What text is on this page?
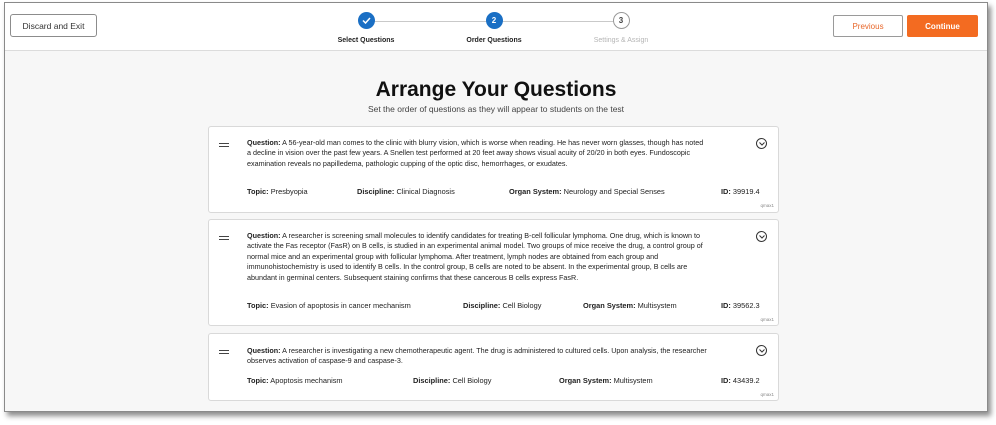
Discard and Exit
Select Questions
2
Order Questions
3
Settings & Assign
Previous	Continue
Arrange Your Questions
Set the order of questions as they will appear to students on the test
Question: A 56-year-old man comes to the clinic with blurry vision, which is worse when reading. He has never worn glasses, though has noted a decline in vision over the past few years. A Snellen test performed at 20 feet away shows visual acuity of 20/20 in both eyes. Fundoscopic examination reveals no papilledema, pathologic cupping of the optic disc, hemorrhages, or exudates.
Topic: Presbyopia	Discipline: Clinical Diagnosis	Organ System: Neurology and Special Senses	ID: 39919.4
qmax1
Question: A researcher is screening small molecules to identify candidates for treating B-cell follicular lymphoma. One drug, which is known to activate the Fas receptor (FasR) on B cells, is studied in an experimental animal model. Two groups of mice receive the drug, a control group of normal mice and an experimental group with follicular lymphoma. After treatment, lymph nodes are obtained from each group and immunohistochemistry is used to identify B cells. In the control group, B cells are noted to be absent. In the experimental group, B cells are abundant in germinal centers. Subsequent staining confirms that these cancerous B cells express FasR.
Topic: Evasion of apoptosis in cancer mechanism	Discipline: Cell Biology	Organ System: Multisystem	ID: 39562.3
qmax1
Question: A researcher is investigating a new chemotherapeutic agent. The drug is administered to cultured cells. Upon analysis, the researcher observes activation of caspase-9 and caspase-3.
Topic: Apoptosis mechanism	Discipline: Cell Biology	Organ System: Multisystem	ID: 43439.2
qmax1
